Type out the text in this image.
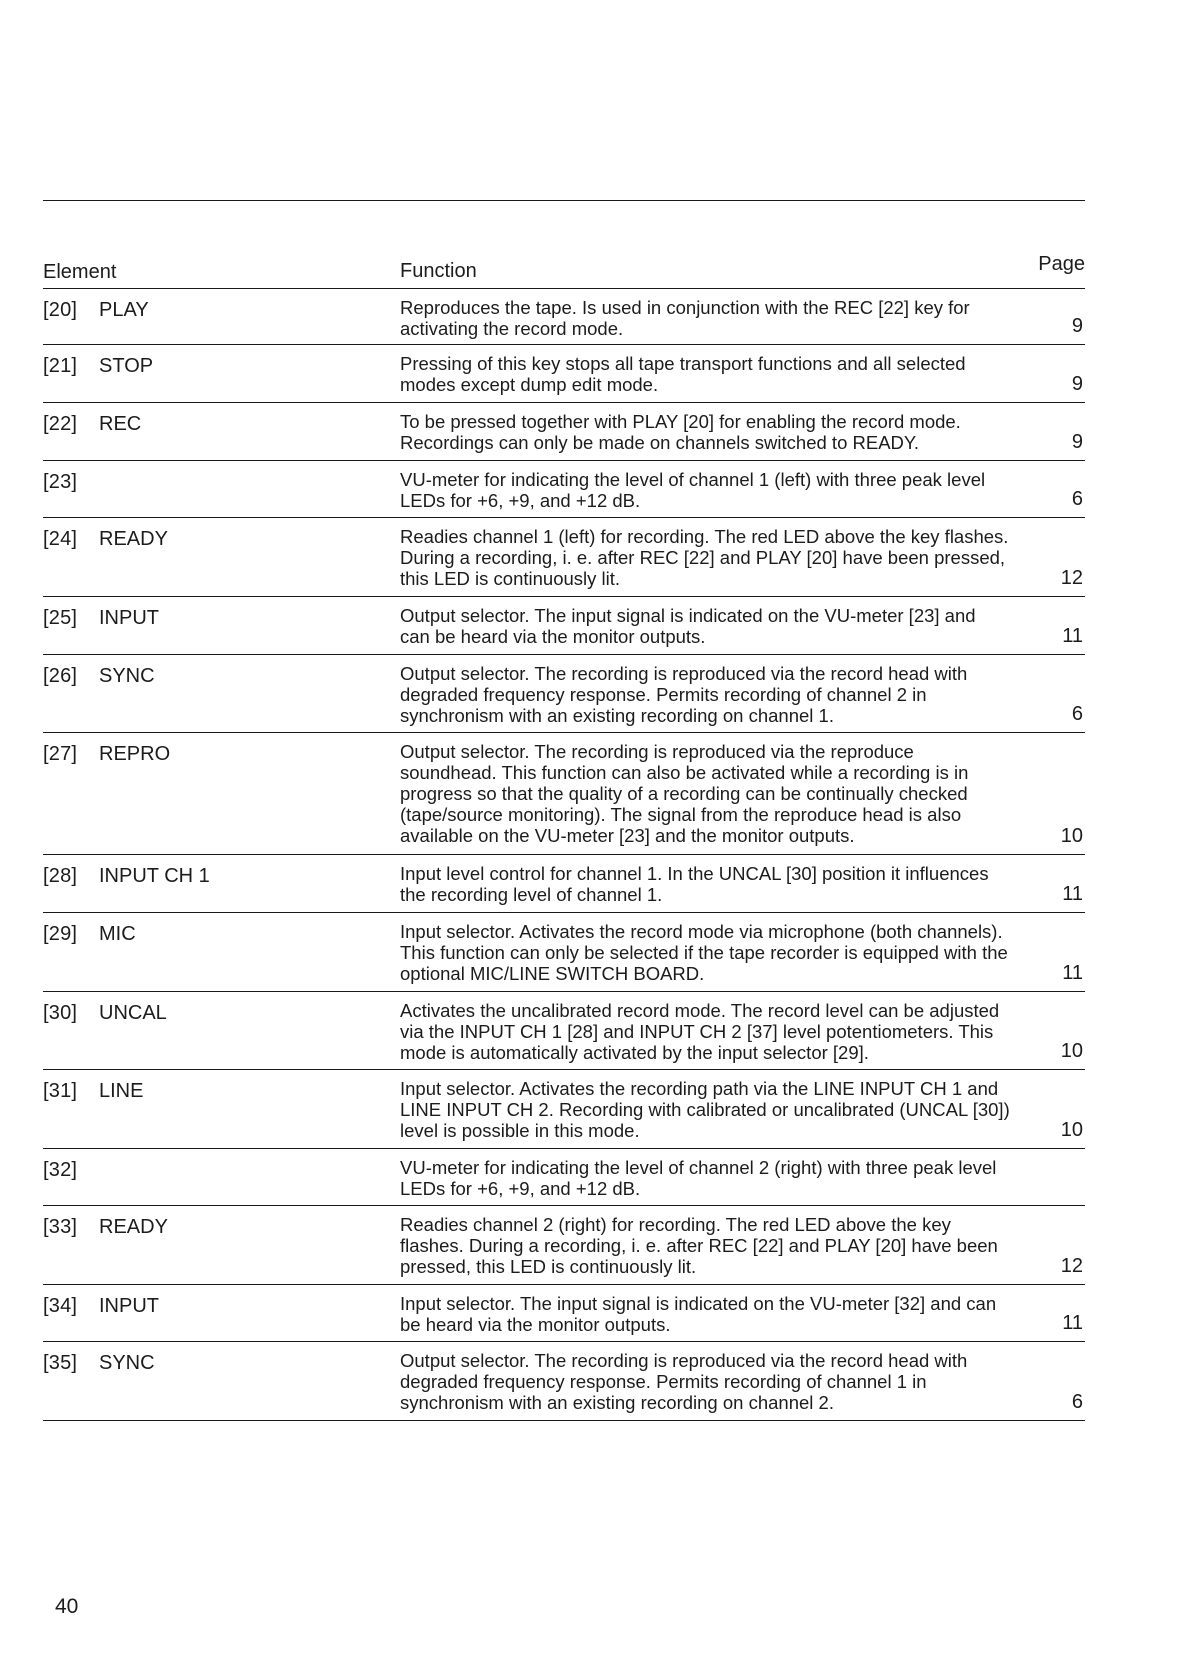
Element	Function	Page
[20] PLAY	Reproduces the tape. Is used in conjunction with the REC [22] key for activating the record mode.	9
[21] STOP	Pressing of this key stops all tape transport functions and all selected modes except dump edit mode.	9
[22] REC	To be pressed together with PLAY [20] for enabling the record mode. Recordings can only be made on channels switched to READY.	9
[23]	VU-meter for indicating the level of channel 1 (left) with three peak level LEDs for +6, +9, and +12 dB.	6
[24] READY	Readies channel 1 (left) for recording. The red LED above the key flashes. During a recording, i. e. after REC [22] and PLAY [20] have been pressed, this LED is continuously lit.	12
[25] INPUT	Output selector. The input signal is indicated on the VU-meter [23] and can be heard via the monitor outputs.	11
[26] SYNC	Output selector. The recording is reproduced via the record head with degraded frequency response. Permits recording of channel 2 in synchronism with an existing recording on channel 1.	6
[27] REPRO	Output selector. The recording is reproduced via the reproduce soundhead. This function can also be activated while a recording is in progress so that the quality of a recording can be continually checked (tape/source monitoring). The signal from the reproduce head is also available on the VU-meter [23] and the monitor outputs.	10
[28] INPUT CH 1	Input level control for channel 1. In the UNCAL [30] position it influences the recording level of channel 1.	11
[29] MIC	Input selector. Activates the record mode via microphone (both channels). This function can only be selected if the tape recorder is equipped with the optional MIC/LINE SWITCH BOARD.	11
[30] UNCAL	Activates the uncalibrated record mode. The record level can be adjusted via the INPUT CH 1 [28] and INPUT CH 2 [37] level potentiometers. This mode is automatically activated by the input selector [29].	10
[31] LINE	Input selector. Activates the recording path via the LINE INPUT CH 1 and LINE INPUT CH 2. Recording with calibrated or uncalibrated (UNCAL [30]) level is possible in this mode.	10
[32]	VU-meter for indicating the level of channel 2 (right) with three peak level LEDs for +6, +9, and +12 dB.
[33] READY	Readies channel 2 (right) for recording. The red LED above the key flashes. During a recording, i. e. after REC [22] and PLAY [20] have been pressed, this LED is continuously lit.	12
[34] INPUT	Input selector. The input signal is indicated on the VU-meter [32] and can be heard via the monitor outputs.	11
[35] SYNC	Output selector. The recording is reproduced via the record head with degraded frequency response. Permits recording of channel 1 in synchronism with an existing recording on channel 2.	6
40
